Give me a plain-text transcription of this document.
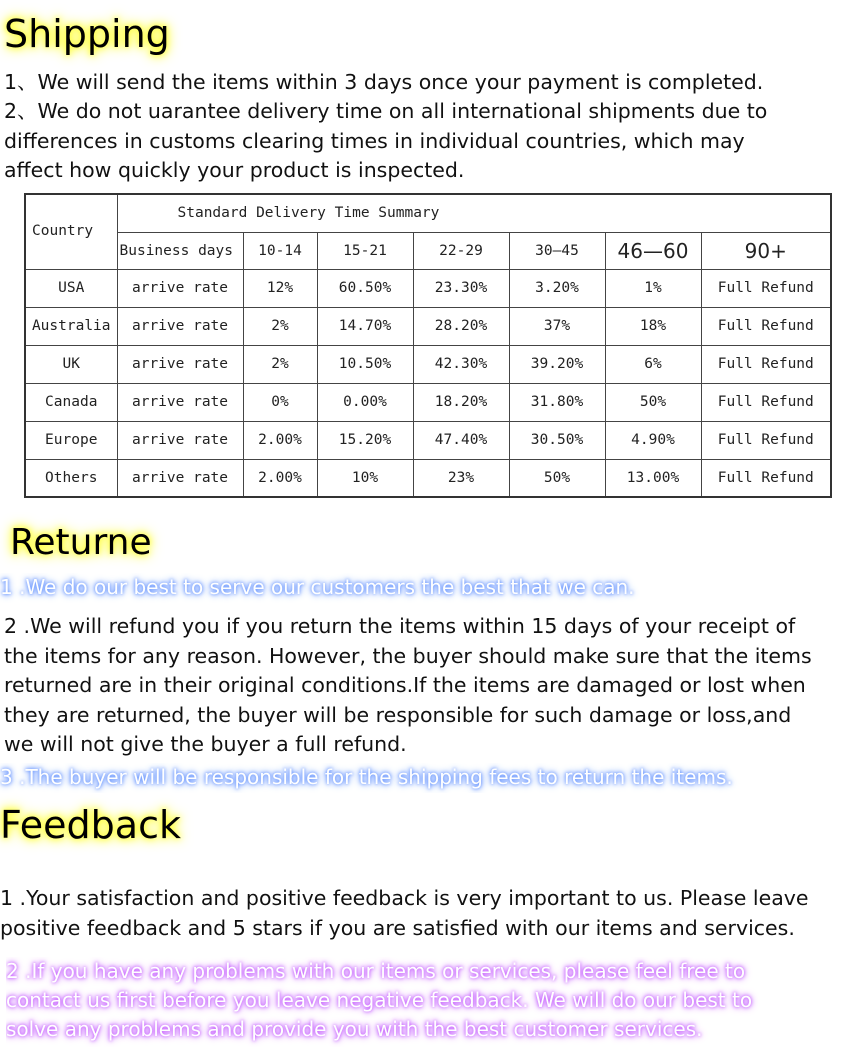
Shipping
1、We will send the items within 3 days once your payment is completed.
2、We do not uarantee delivery time on all international shipments due to
differences in customs clearing times in individual countries, which may
affect how quickly your product is inspected.
Country	Standard Delivery Time Summary						
	Business days	10-14	15-21	22-29	30—45	46—60	90+
USA	arrive rate	12%	60.50%	23.30%	3.20%	1%	Full Refund
Australia	arrive rate	2%	14.70%	28.20%	37%	18%	Full Refund
UK	arrive rate	2%	10.50%	42.30%	39.20%	6%	Full Refund
Canada	arrive rate	0%	0.00%	18.20%	31.80%	50%	Full Refund
Europe	arrive rate	2.00%	15.20%	47.40%	30.50%	4.90%	Full Refund
Others	arrive rate	2.00%	10%	23%	50%	13.00%	Full Refund
Returne
1 .We do our best to serve our customers the best that we can.
2 .We will refund you if you return the items within 15 days of your receipt of
the items for any reason. However, the buyer should make sure that the items
returned are in their original conditions.If the items are damaged or lost when
they are returned, the buyer will be responsible for such damage or loss,and
we will not give the buyer a full refund.
3 .The buyer will be responsible for the shipping fees to return the items.
Feedback
1 .Your satisfaction and positive feedback is very important to us. Please leave
positive feedback and 5 stars if you are satisfied with our items and services.
2 .If you have any problems with our items or services, please feel free to
contact us first before you leave negative feedback. We will do our best to
solve any problems and provide you with the best customer services.
